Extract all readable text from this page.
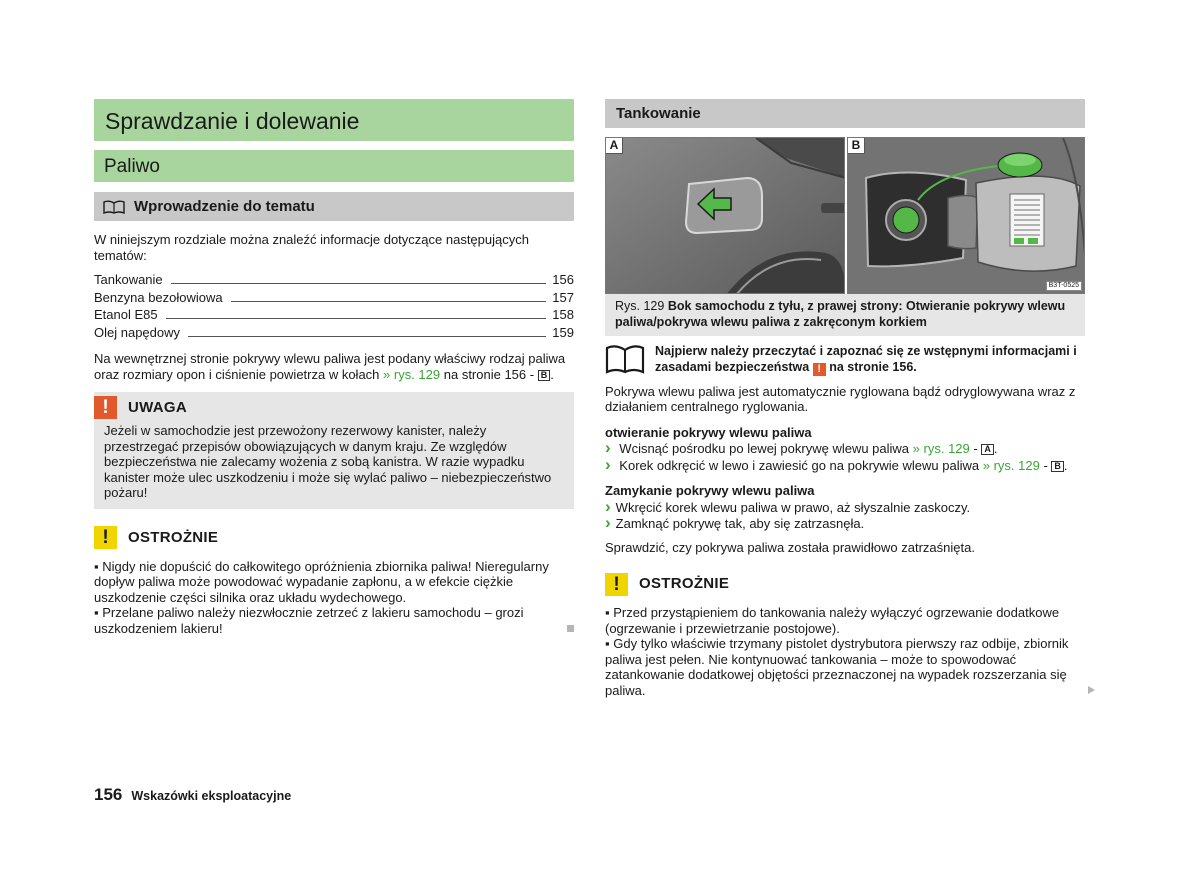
Sprawdzanie i dolewanie
Paliwo
Wprowadzenie do tematu

W niniejszym rozdziale można znaleźć informacje dotyczące następujących tematów:

Tankowanie	156
Benzyna bezołowiowa	157
Etanol E85	158
Olej napędowy	159

Na wewnętrznej stronie pokrywy wlewu paliwa jest podany właściwy rodzaj paliwa oraz rozmiary opon i ciśnienie powietrza w kołach » rys. 129 na stronie 156 - B .

!	UWAGA

Jeżeli w samochodzie jest przewożony rezerwowy kanister, należy przestrzegać przepisów obowiązujących w danym kraju. Ze względów bezpieczeństwa nie zalecamy wożenia z sobą kanistra. W razie wypadku kanister może ulec uszkodzeniu i może się wylać paliwo – niebezpieczeństwo pożaru!

!	OSTROŻNIE

▪ Nigdy nie dopuścić do całkowitego opróżnienia zbiornika paliwa! Nieregularny dopływ paliwa może powodować wypadanie zapłonu, a w efekcie ciężkie uszkodzenie części silnika oraz układu wydechowego.

▪ Przelane paliwo należy niezwłocznie zetrzeć z lakieru samochodu – grozi uszkodzeniem lakieru!

Tankowanie
A	B
B3T-0525
Rys. 129 Bok samochodu z tyłu, z prawej strony: Otwieranie pokrywy wlewu paliwa/pokrywa wlewu paliwa z zakręconym korkiem

Najpierw należy przeczytać i zapoznać się ze wstępnymi informacjami i zasadami bezpieczeństwa ! na stronie 156.

Pokrywa wlewu paliwa jest automatycznie ryglowana bądź odryglowywana wraz z działaniem centralnego ryglowania.

otwieranie pokrywy wlewu paliwa

› Wcisnąć pośrodku po lewej pokrywę wlewu paliwa » rys. 129 - A .

› Korek odkręcić w lewo i zawiesić go na pokrywie wlewu paliwa » rys. 129 - B .

Zamykanie pokrywy wlewu paliwa

› Wkręcić korek wlewu paliwa w prawo, aż słyszalnie zaskoczy.

› Zamknąć pokrywę tak, aby się zatrzasnęła.

Sprawdzić, czy pokrywa paliwa została prawidłowo zatrzaśnięta.

!	OSTROŻNIE

▪ Przed przystąpieniem do tankowania należy wyłączyć ogrzewanie dodatkowe (ogrzewanie i przewietrzanie postojowe).

▪ Gdy tylko właściwie trzymany pistolet dystrybutora pierwszy raz odbije, zbiornik paliwa jest pełen. Nie kontynuować tankowania – może to spowodować zatankowanie dodatkowej objętości przeznaczonej na wypadek rozszerzania się paliwa.

156 Wskazówki eksploatacyjne
